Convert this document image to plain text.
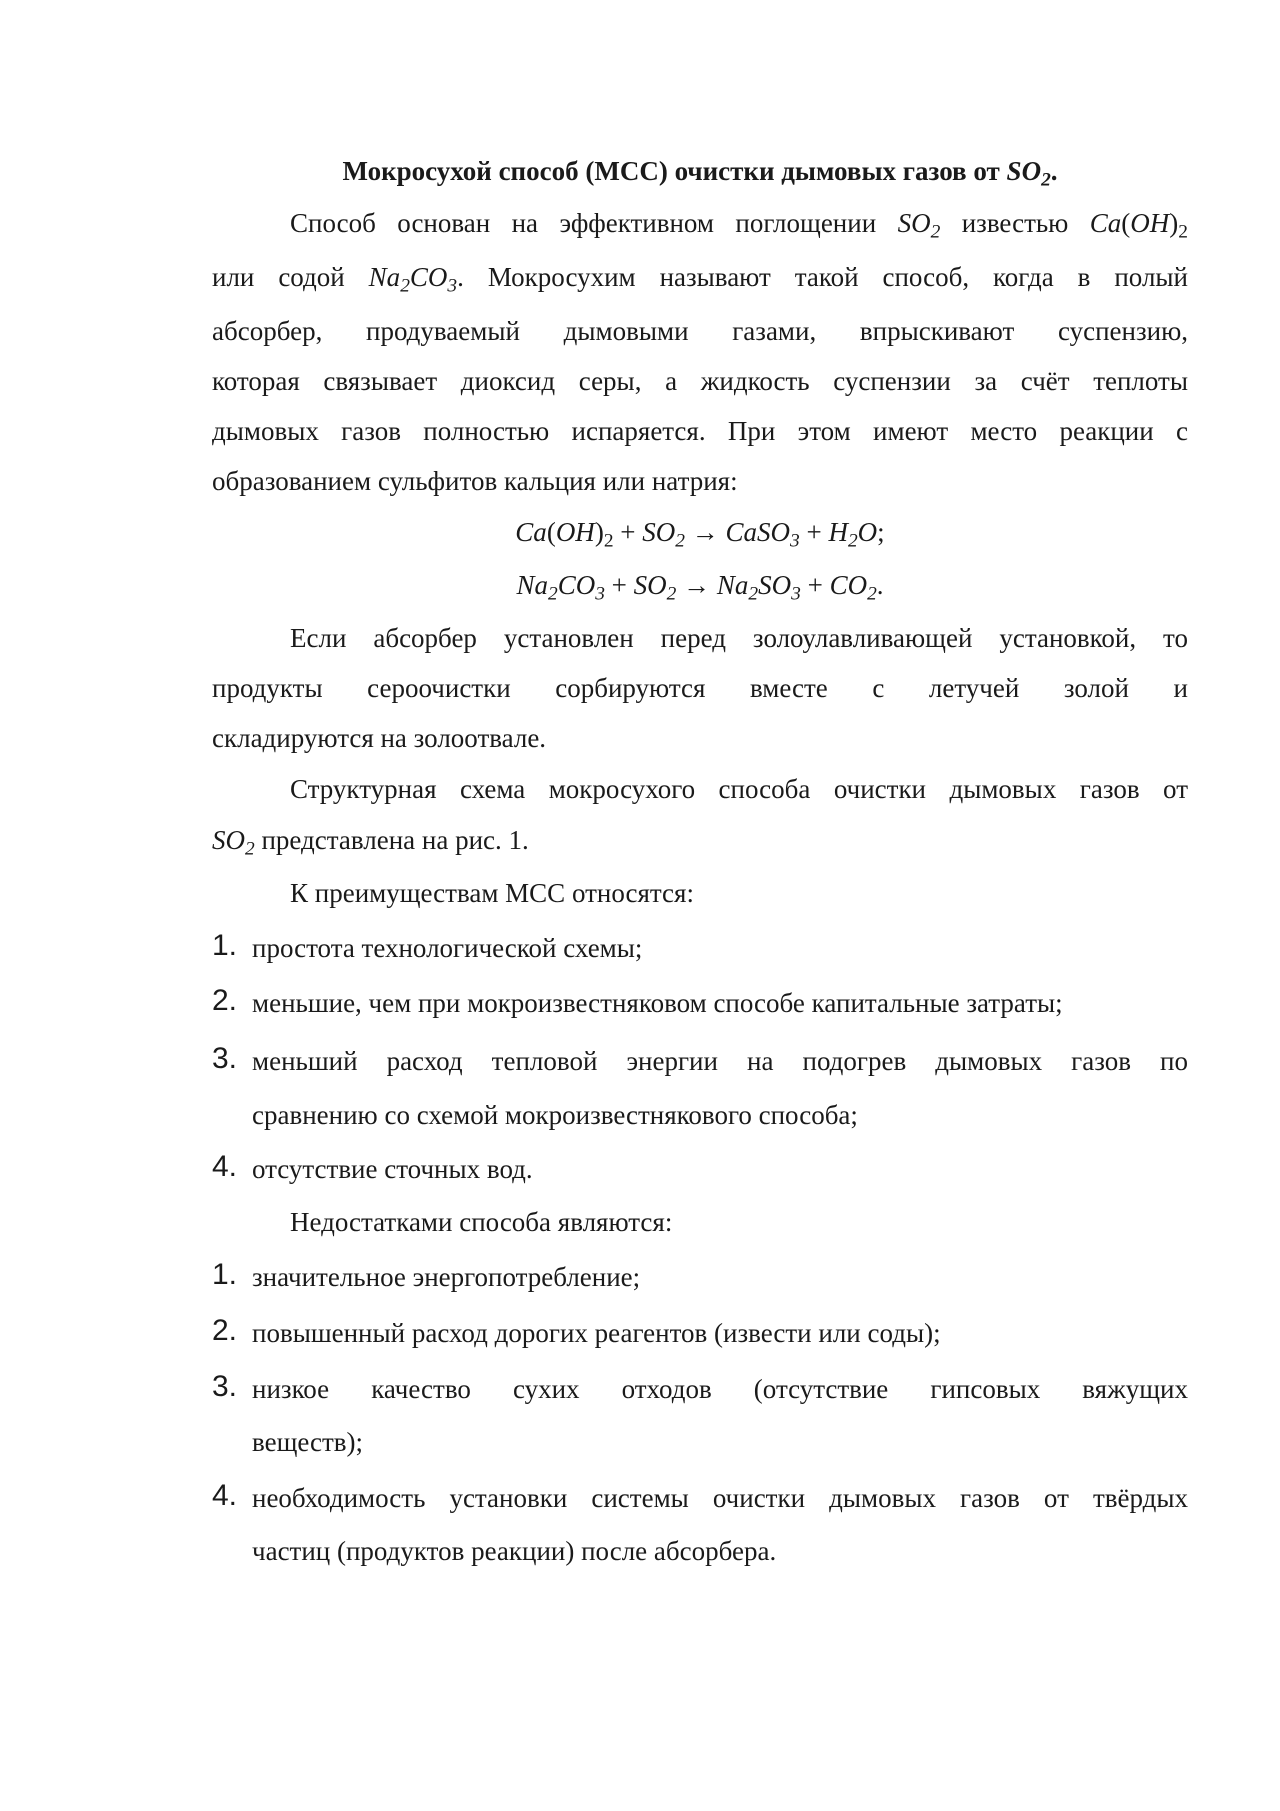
Мокросухой способ (МСС) очистки дымовых газов от $SO_2$.
Способ основан на эффективном поглощении $SO_2$ известью $Ca(OH)_2$
или содой $Na_2CO_3$. Мокросухим называют такой способ, когда в полый
абсорбер, продуваемый дымовыми газами, впрыскивают суспензию,
которая связывает диоксид серы, а жидкость суспензии за счёт теплоты
дымовых газов полностью испаряется. При этом имеют место реакции с
образованием сульфитов кальция или натрия:
$Ca(OH)_2 + SO_2$ → CaSO$_3$ + $H_2O$;
$Na_2CO_3 + SO_2 \to Na_2SO_3 + CO_2$.
Если абсорбер установлен перед золоулавливающей установкой, то
продукты сероочистки сорбируются вместе с летучей золой и
складируются на золоотвале.
Структурная схема мокросухого способа очистки дымовых газов от
$SO_2$ представлена на рис. 1.
К преимуществам МСС относятся:
1. простота технологической схемы;
2. меньшие, чем при мокроизвестняковом способе капитальные затраты;
3. меньший расход тепловой энергии на подогрев дымовых газов по
сравнению со схемой мокроизвестнякового способа;
4. отсутствие сточных вод.
Недостатками способа являются:
1. значительное энергопотребление;
2. повышенный расход дорогих реагентов (извести или соды);
3. низкое качество сухих отходов (отсутствие гипсовых вяжущих
веществ);
4. необходимость установки системы очистки дымовых газов от твёрдых
частиц (продуктов реакции) после абсорбера.
